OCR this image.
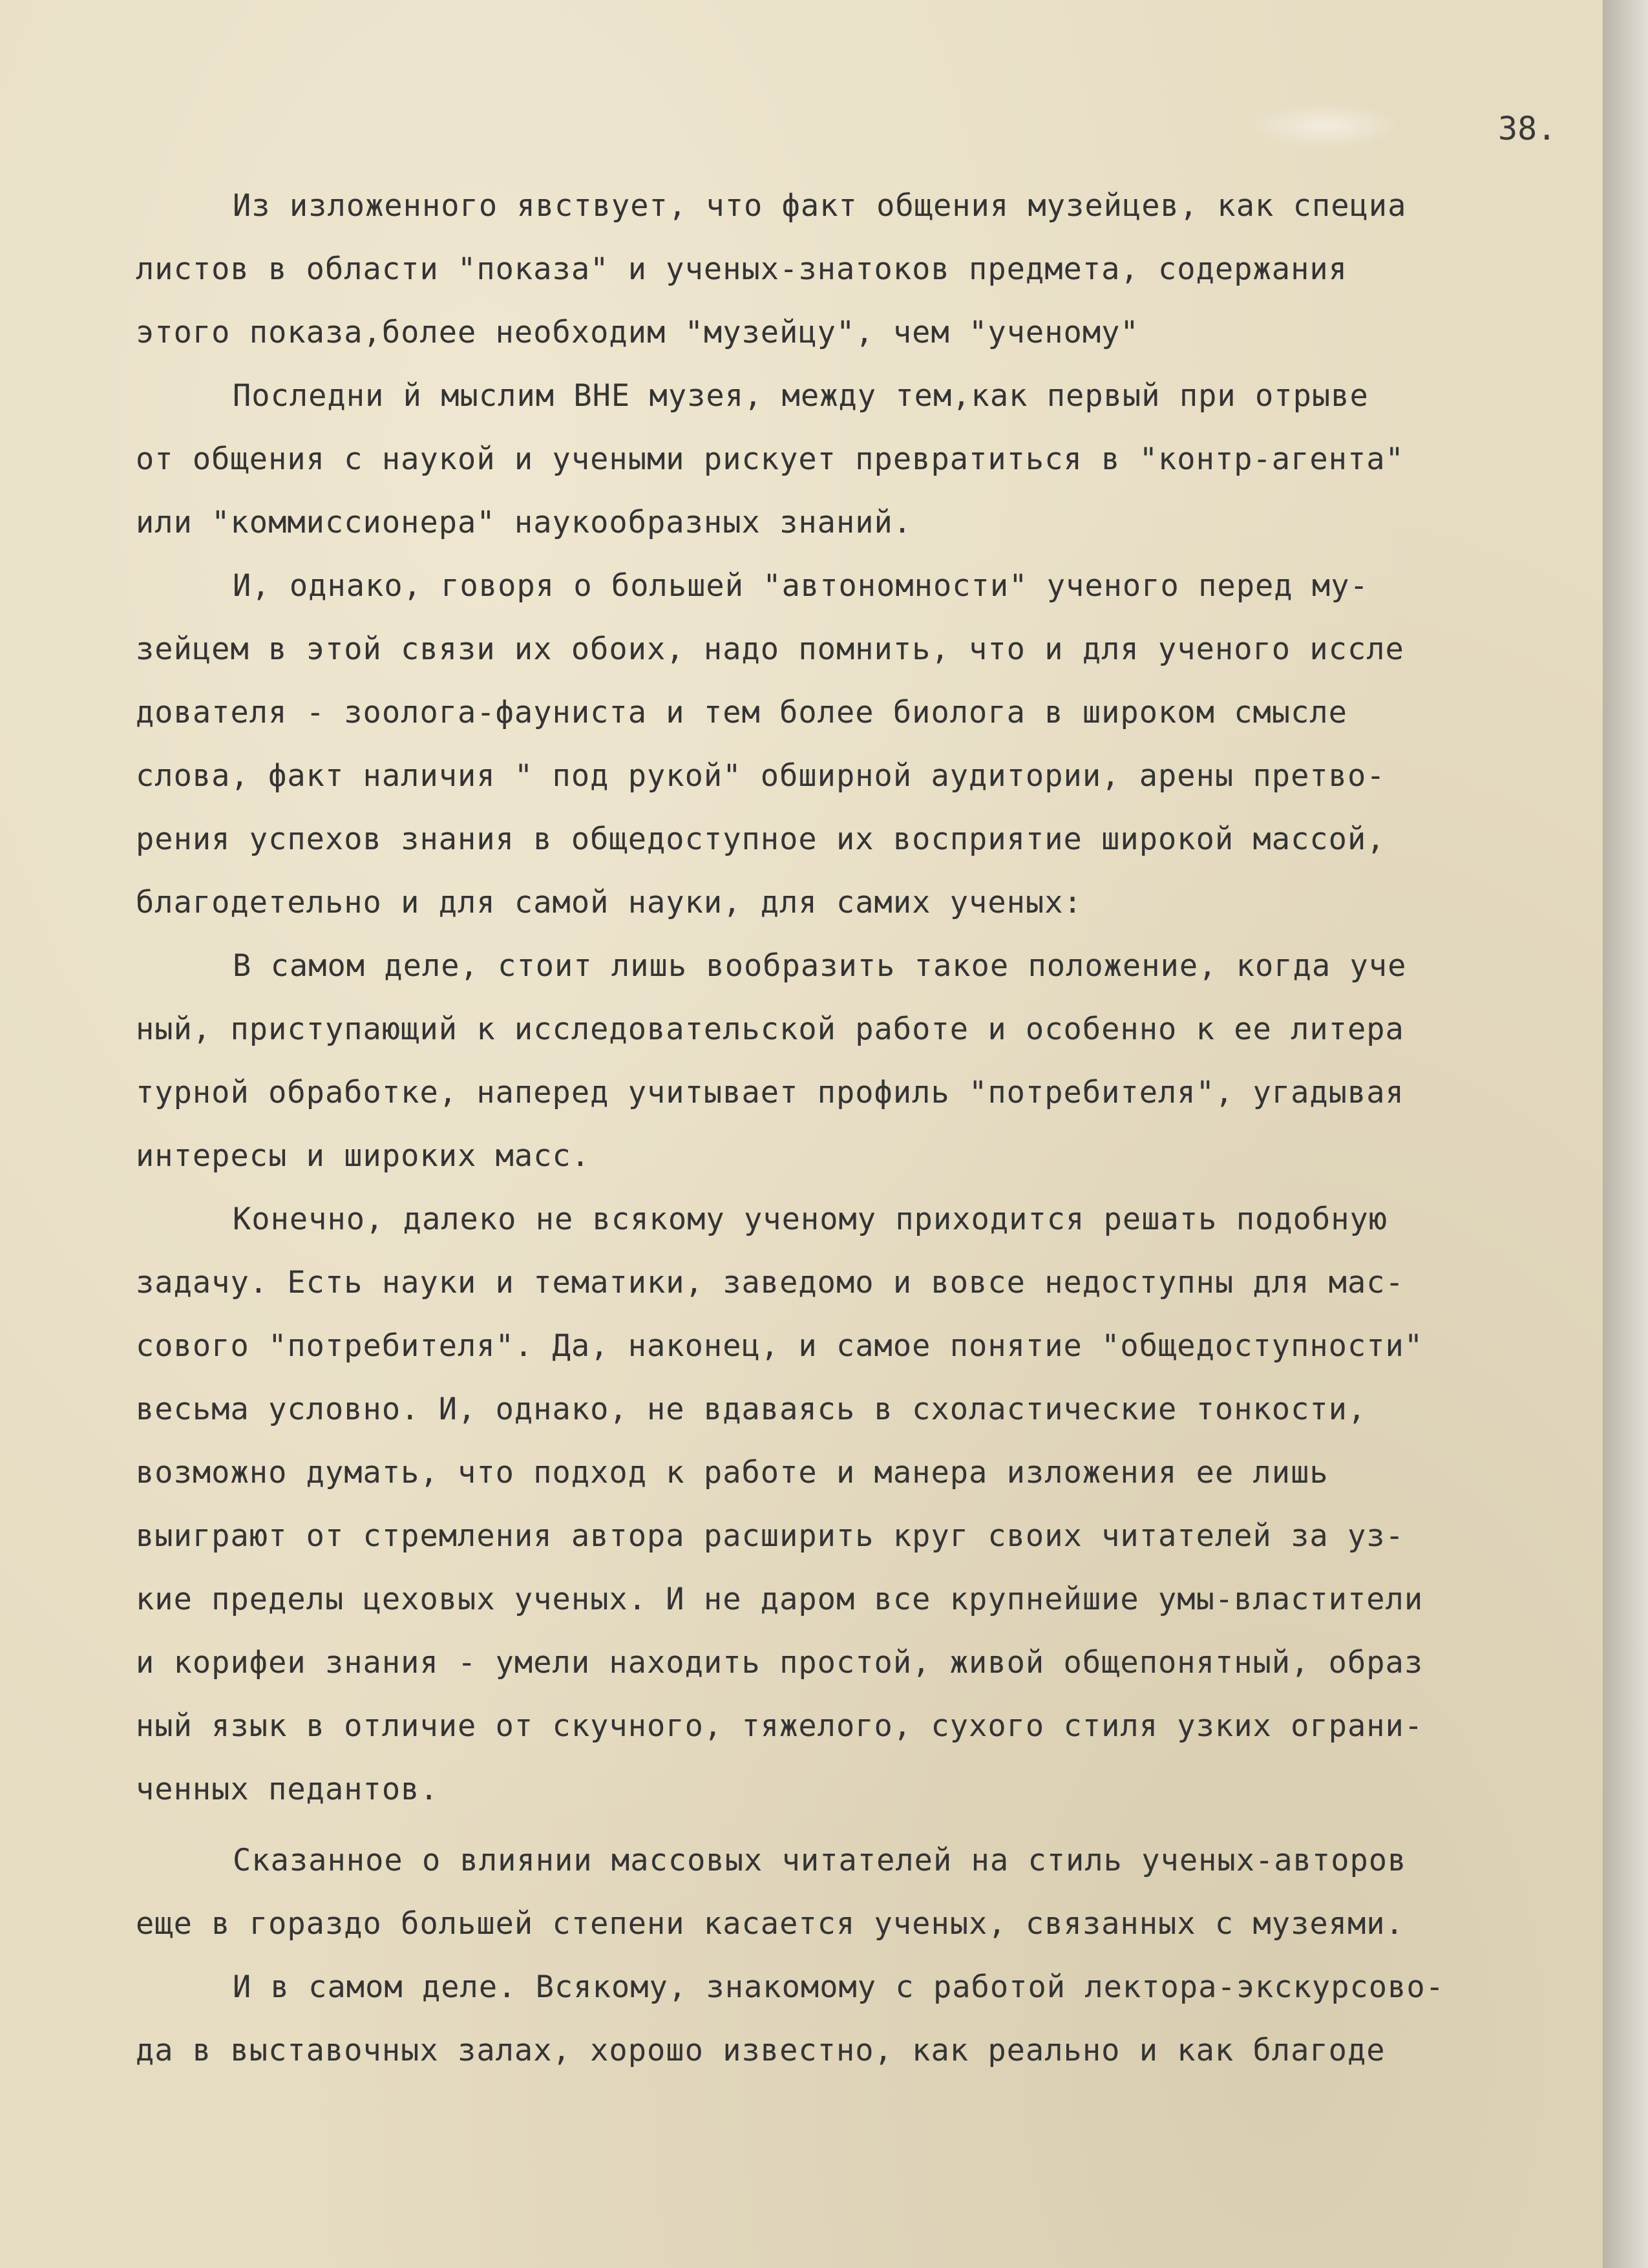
38.
Из изложенного явствует, что факт общения музейцев, как специа
листов в области "показа" и ученых-знатоков предмета, содержания
этого показа,более необходим "музейцу", чем "ученому"
Последни й мыслим ВНЕ музея, между тем,как первый при отрыве
от общения с наукой и учеными рискует превратиться в "контр-агента"
или "коммиссионера" наукообразных знаний.
И, однако, говоря о большей "автономности" ученого перед му-
зейцем в этой связи их обоих, надо помнить, что и для ученого иссле
дователя - зоолога-фауниста и тем более биолога в широком смысле
слова, факт наличия " под рукой" обширной аудитории, арены претво-
рения успехов знания в общедоступное их восприятие широкой массой,
благодетельно и для самой науки, для самих ученых:
В самом деле, стоит лишь вообразить такое положение, когда уче
ный, приступающий к исследовательской работе и особенно к ее литера
турной обработке, наперед учитывает профиль "потребителя", угадывая
интересы и широких масс.
Конечно, далеко не всякому ученому приходится решать подобную
задачу. Есть науки и тематики, заведомо и вовсе недоступны для мас-
сового "потребителя". Да, наконец, и самое понятие "общедоступности"
весьма условно. И, однако, не вдаваясь в схоластические тонкости,
возможно думать, что подход к работе и манера изложения ее лишь
выиграют от стремления автора расширить круг своих читателей за уз-
кие пределы цеховых ученых. И не даром все крупнейшие умы-властители
и корифеи знания - умели находить простой, живой общепонятный, образ
ный язык в отличие от скучного, тяжелого, сухого стиля узких ограни-
ченных педантов.
Сказанное о влиянии массовых читателей на стиль ученых-авторов
еще в гораздо большей степени касается ученых, связанных с музеями.
И в самом деле. Всякому, знакомому с работой лектора-экскурсово-
да в выставочных залах, хорошо известно, как реально и как благоде
